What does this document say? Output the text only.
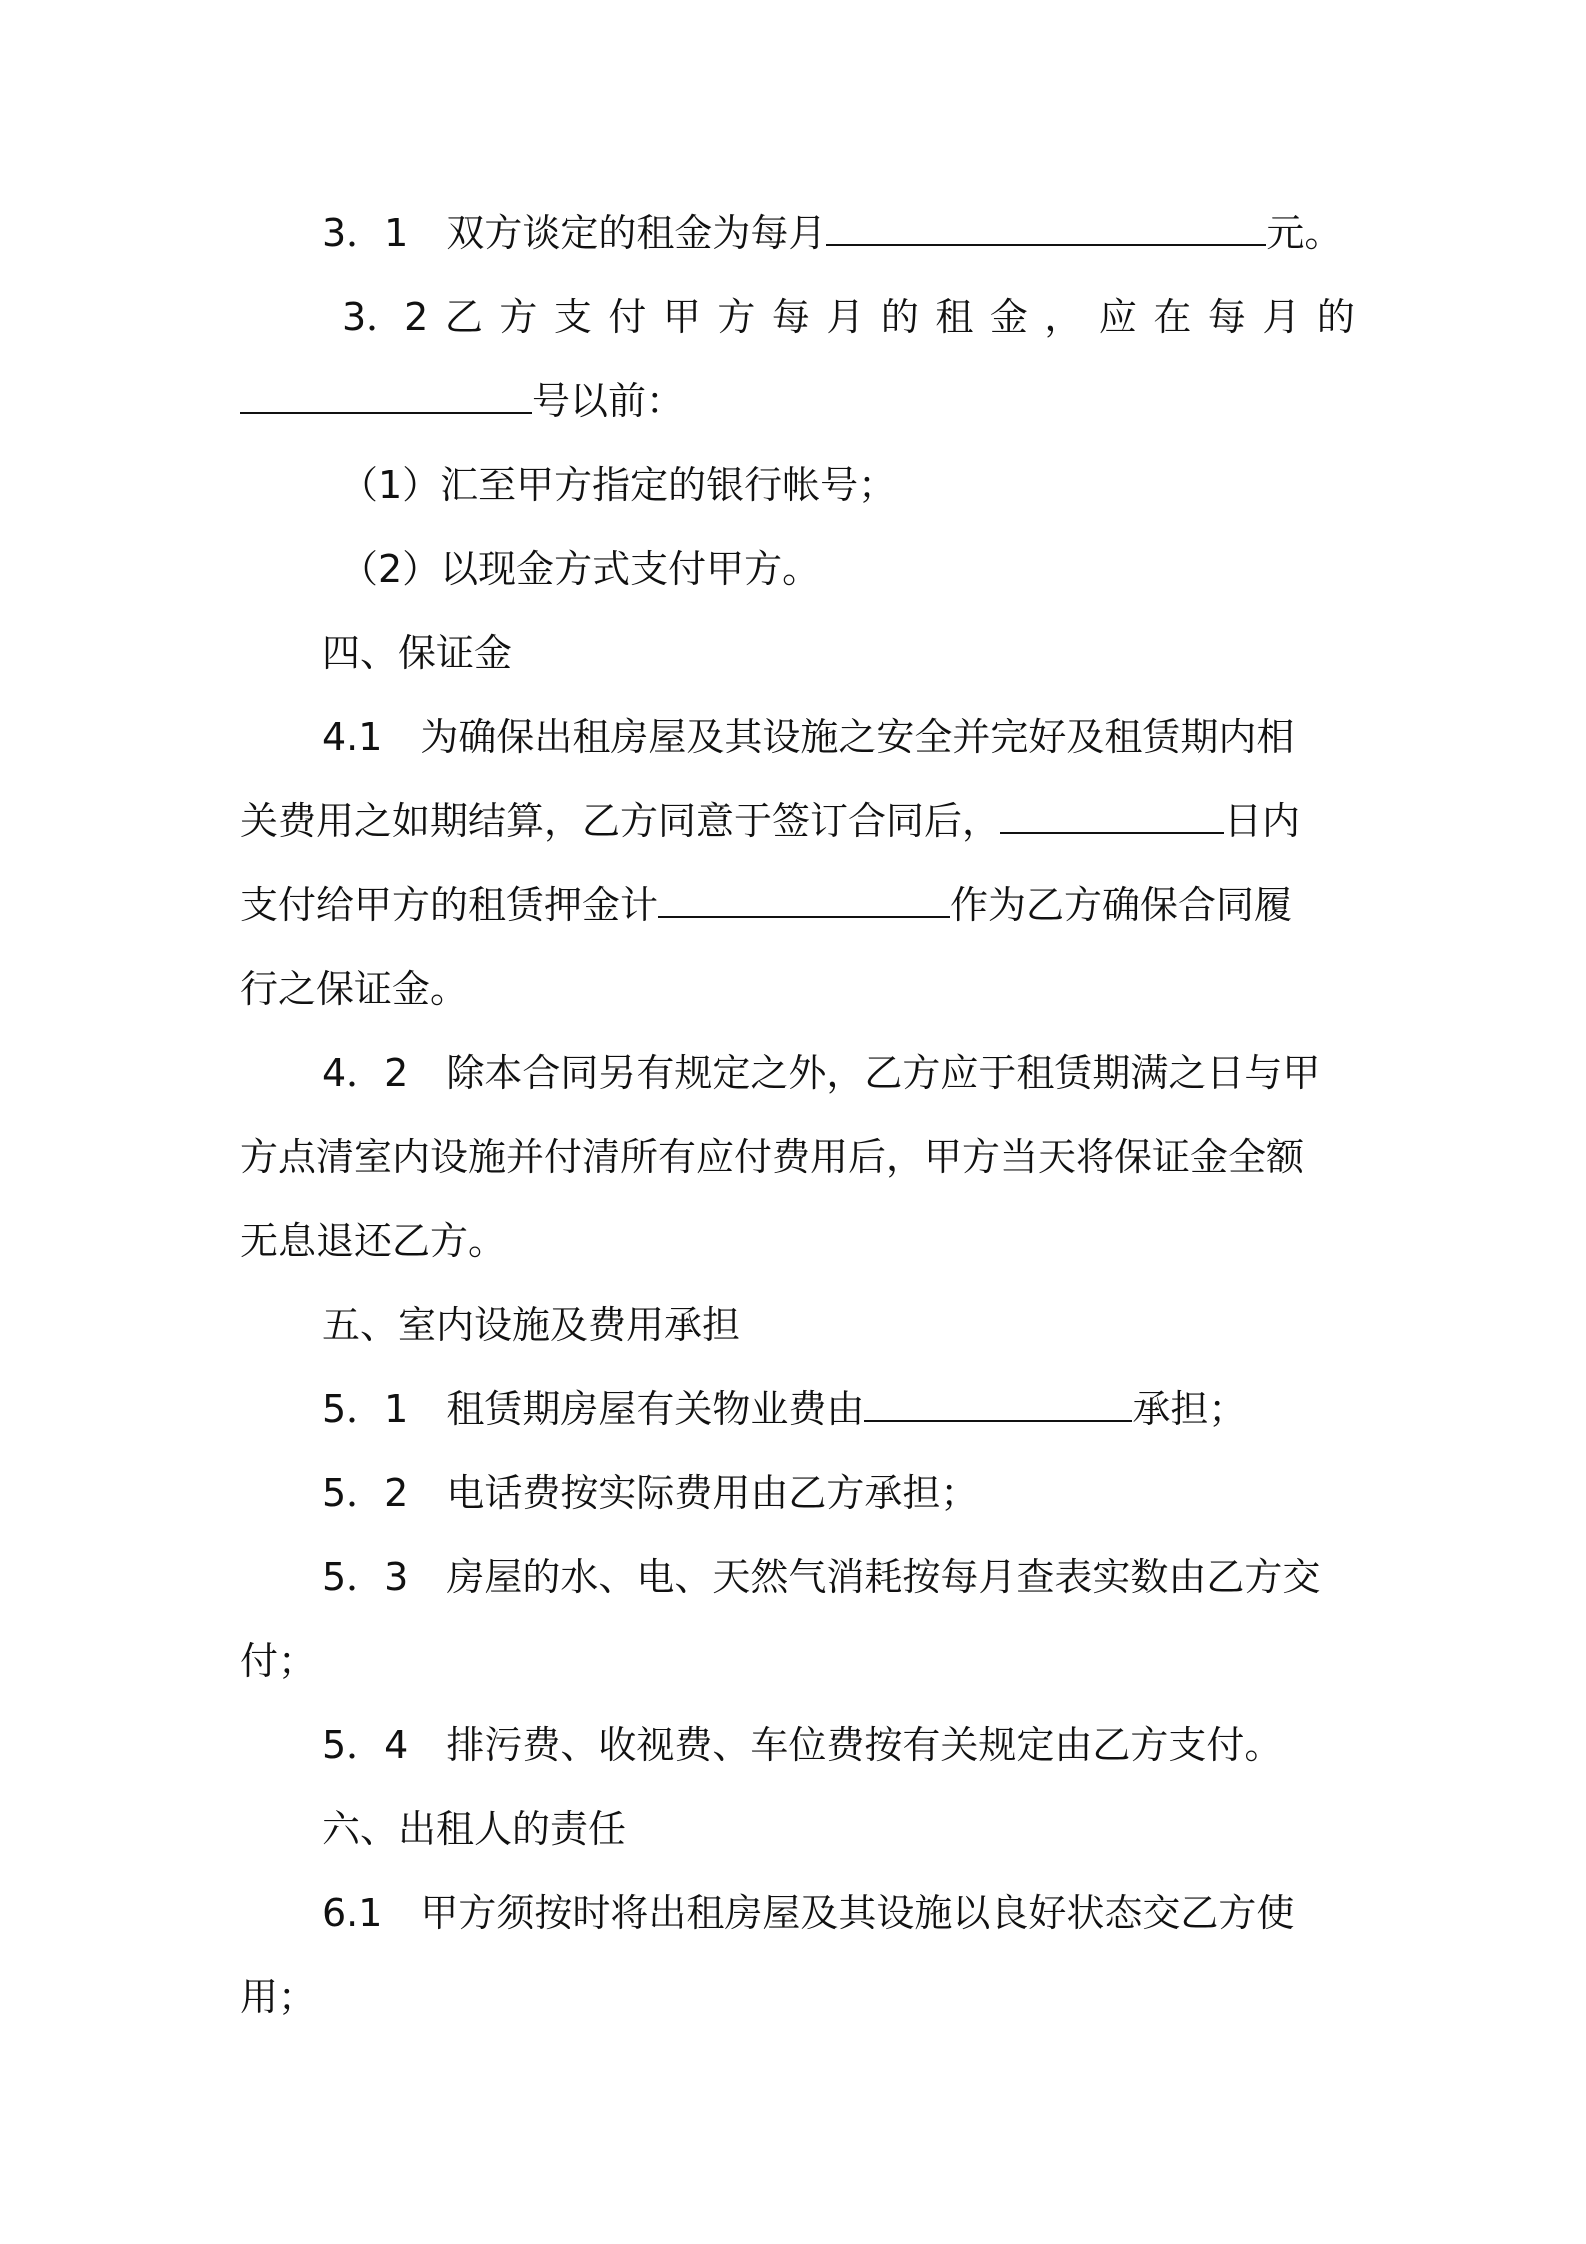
3．1　双方谈定的租金为每月	元。

3．2 乙 方 支 付 甲 方 每 月 的 租 金 ， 应 在 每 月 的

号以前：

（1）汇至甲方指定的银行帐号；

（2）以现金方式支付甲方。

四、保证金

4.1　为确保出租房屋及其设施之安全并完好及租赁期内相

关费用之如期结算，乙方同意于签订合同后，	日内

支付给甲方的租赁押金计	作为乙方确保合同履

行之保证金。

4．2　除本合同另有规定之外，乙方应于租赁期满之日与甲

方点清室内设施并付清所有应付费用后，甲方当天将保证金全额

无息退还乙方。

五、室内设施及费用承担

5．1　租赁期房屋有关物业费由	承担；

5．2　电话费按实际费用由乙方承担；

5．3　房屋的水、电、天然气消耗按每月查表实数由乙方交

付；

5．4　排污费、收视费、车位费按有关规定由乙方支付。

六、出租人的责任

6.1　甲方须按时将出租房屋及其设施以良好状态交乙方使

用；
